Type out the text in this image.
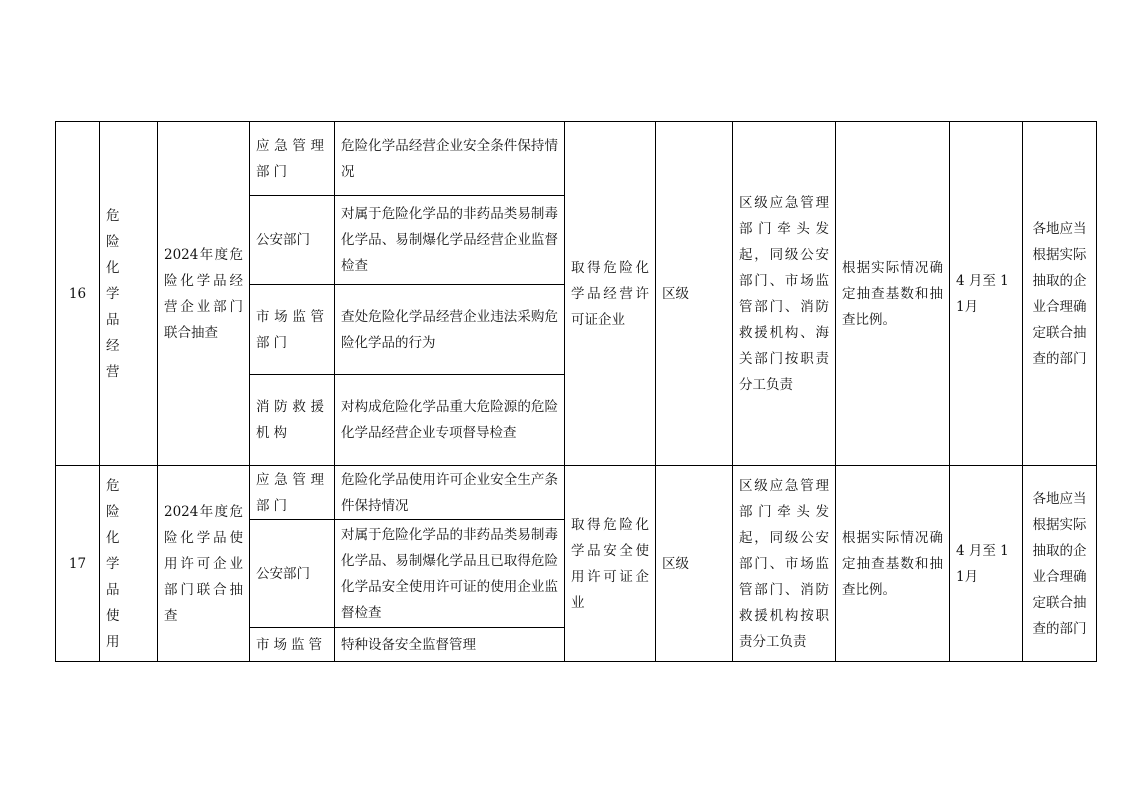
16	危险化学品经营	2024年度危险化学品经营企业部门联合抽查	应急管理部门	危险化学品经营企业安全条件保持情况	取得危险化学品经营许可证企业	区级	区级应急管理部门牵头发起，同级公安部门、市场监管部门、消防救援机构、海关部门按职责分工负责	根据实际情况确定抽查基数和抽查比例。	4 月至 11月	各地应当根据实际抽取的企业合理确定联合抽查的部门
			公安部门	对属于危险化学品的非药品类易制毒化学品、易制爆化学品经营企业监督检查						
			市场监管部门	查处危险化学品经营企业违法采购危险化学品的行为						
			消防救援机构	对构成危险化学品重大危险源的危险化学品经营企业专项督导检查						
17	危险化学品使用	2024年度危险化学品使用许可企业部门联合抽查	应急管理部门	危险化学品使用许可企业安全生产条件保持情况	取得危险化学品安全使用许可证企业	区级	区级应急管理部门牵头发起，同级公安部门、市场监管部门、消防救援机构按职责分工负责	根据实际情况确定抽查基数和抽查比例。	4 月至 11月	各地应当根据实际抽取的企业合理确定联合抽查的部门
			公安部门	对属于危险化学品的非药品类易制毒化学品、易制爆化学品且已取得危险化学品安全使用许可证的使用企业监督检查						
			市场监管	特种设备安全监督管理						
